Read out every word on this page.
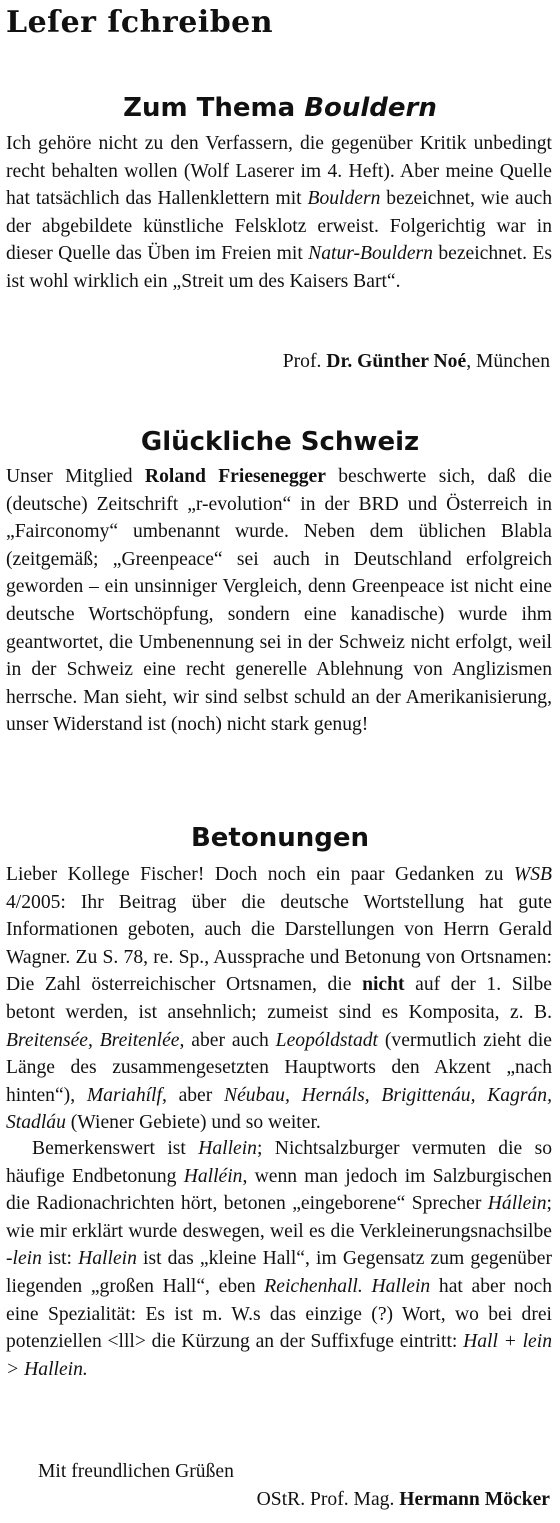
Leſer ſchreiben
Zum Thema Bouldern

Ich gehöre nicht zu den Verfassern, die gegenüber Kritik unbedingt recht behalten wollen (Wolf Laserer im 4. Heft). Aber meine Quelle hat tatsächlich das Hallenklettern mit Bouldern bezeichnet, wie auch der abgebildete künstliche Felsklotz erweist. Folgerichtig war in dieser Quelle das Üben im Freien mit Natur-Bouldern bezeichnet. Es ist wohl wirklich ein „Streit um des Kaisers Bart“.

Prof. Dr. Günther Noé, München
Glückliche Schweiz

Unser Mitglied Roland Friesenegger beschwerte sich, daß die (deutsche) Zeitschrift „r-evolution“ in der BRD und Österreich in „Fairconomy“ umbenannt wurde. Neben dem üblichen Blabla (zeitgemäß; „Greenpeace“ sei auch in Deutschland erfolgreich geworden – ein unsinniger Vergleich, denn Greenpeace ist nicht eine deutsche Wortschöpfung, sondern eine kanadische) wurde ihm geantwortet, die Umbenennung sei in der Schweiz nicht erfolgt, weil in der Schweiz eine recht generelle Ablehnung von Anglizismen herrsche. Man sieht, wir sind selbst schuld an der Amerikanisierung, unser Widerstand ist (noch) nicht stark genug!

Betonungen

Lieber Kollege Fischer! Doch noch ein paar Gedanken zu WSB 4/2005: Ihr Beitrag über die deutsche Wortstellung hat gute Informationen geboten, auch die Darstellungen von Herrn Gerald Wagner. Zu S. 78, re. Sp., Aussprache und Betonung von Ortsnamen: Die Zahl österreichischer Ortsnamen, die nicht auf der 1. Silbe betont werden, ist ansehnlich; zumeist sind es Komposita, z. B. Breitensée, Breitenlée, aber auch Leopóldstadt (vermutlich zieht die Länge des zusammengesetzten Hauptworts den Akzent „nach hinten“), Mariahílf, aber Néubau, Hernáls, Brigittenáu, Kagrán, Stadláu (Wiener Gebiete) und so weiter.

Bemerkenswert ist Hallein; Nichtsalzburger vermuten die so häufige Endbetonung Halléin, wenn man jedoch im Salzburgischen die Radionachrichten hört, betonen „eingeborene“ Sprecher Hállein; wie mir erklärt wurde deswegen, weil es die Verkleinerungsnachsilbe -lein ist: Hallein ist das „kleine Hall“, im Gegensatz zum gegenüber liegenden „großen Hall“, eben Reichenhall. Hallein hat aber noch eine Spezialität: Es ist m. W.s das einzige (?) Wort, wo bei drei potenziellen <lll> die Kürzung an der Suffixfuge eintritt: Hall + lein > Hallein.

Mit freundlichen Grüßen
OStR. Prof. Mag. Hermann Möcker
